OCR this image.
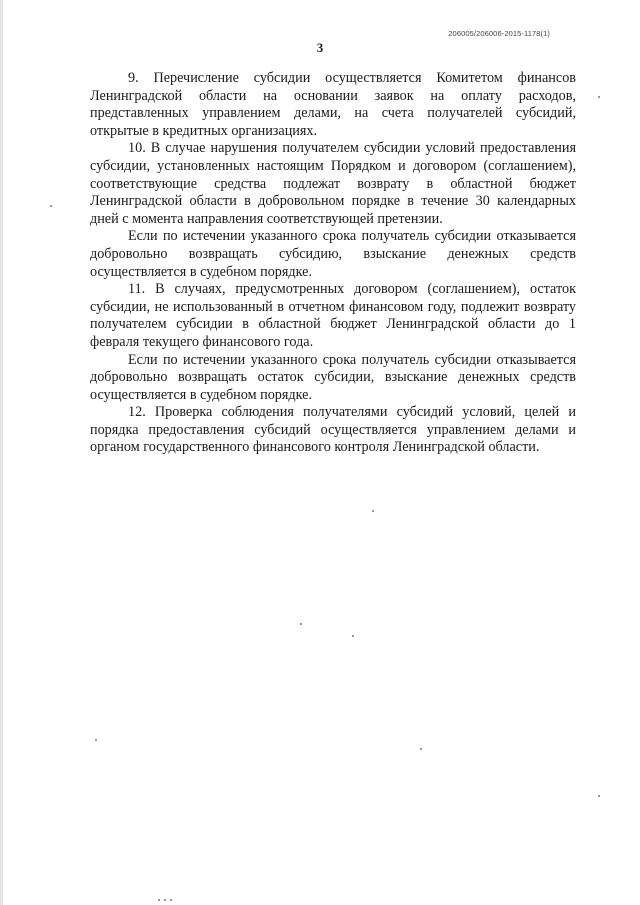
206005/206006-2015-1178(1)
3

9. Перечисление субсидии осуществляется Комитетом финансов Ленинградской области на основании заявок на оплату расходов, представленных управлением делами, на счета получателей субсидий, открытые в кредитных организациях.

10. В случае нарушения получателем субсидии условий предоставления субсидии, установленных настоящим Порядком и договором (соглашением), соответствующие средства подлежат возврату в областной бюджет Ленинградской области в добровольном порядке в течение 30 календарных дней с момента направления соответствующей претензии.

Если по истечении указанного срока получатель субсидии отказывается добровольно возвращать субсидию, взыскание денежных средств осуществляется в судебном порядке.

11. В случаях, предусмотренных договором (соглашением), остаток субсидии, не использованный в отчетном финансовом году, подлежит возврату получателем субсидии в областной бюджет Ленинградской области до 1 февраля текущего финансового года.

Если по истечении указанного срока получатель субсидии отказывается добровольно возвращать остаток субсидии, взыскание денежных средств осуществляется в судебном порядке.

12. Проверка соблюдения получателями субсидий условий, целей и порядка предоставления субсидий осуществляется управлением делами и органом государственного финансового контроля Ленинградской области.
